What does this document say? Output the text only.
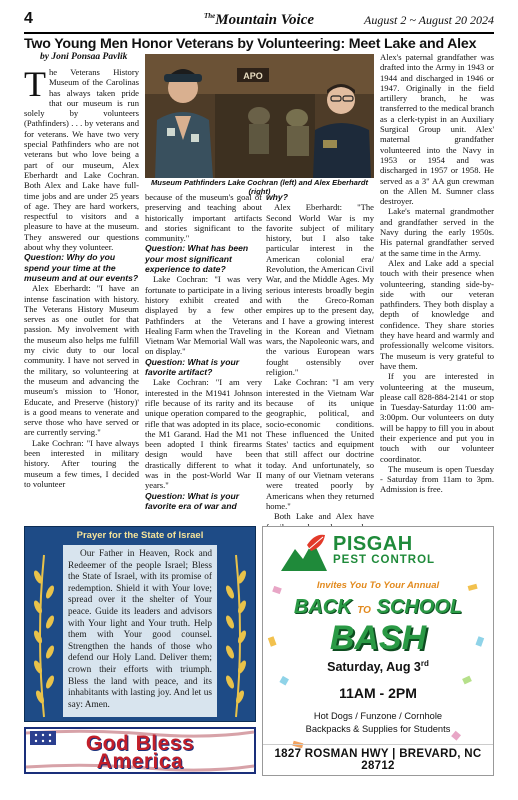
4	$^{The}$Mountain Voice	August 2 ~ August 20 2024
Two Young Men Honor Veterans by Volunteering: Meet Lake and Alex
by Joni Ponsaa Pavlik

The Veterans History Museum of the Carolinas has always taken pride that our museum is run solely by volunteers (Pathfinders) . . . by veterans and for veterans. We have two very special Pathfinders who are not veterans but who love being a part of our museum, Alex Eberhardt and Lake Cochran. Both Alex and Lake have full-time jobs and are under 25 years of age. They are hard workers, respectful to visitors and a pleasure to have at the museum. They answered our questions about why they volunteer.

Question: Why do you spend your time at the museum and at our events?

Alex Eberhardt: "I have an intense fascination with history. The Veterans History Museum serves as one outlet for that passion. My involvement with the museum also helps me fulfill my civic duty to our local community. I have not served in the military, so volunteering at the museum and advancing the museum's mission to 'Honor, Educate, and Preserve (history)' is a good means to venerate and serve those who have served or are currently serving."

Lake Cochran: "I have always been interested in military history. After touring the museum a few times, I decided to volunteer

APO
Museum Pathfinders Lake Cochran (left) and Alex Eberhardt (right)

because of the museum's goal of preserving and teaching about historically important artifacts and stories significant to the community."

Question: What has been your most significant experience to date?

Lake Cochran: "I was very fortunate to participate in a living history exhibit created and displayed by a few other Pathfinders at the Veterans Healing Farm when the Traveling Vietnam War Memorial Wall was on display."

Question: What is your favorite artifact?

Lake Cochran: "I am very interested in the M1941 Johnson rifle because of its rarity and its unique operation compared to the rifle that was adopted in its place, the M1 Garand. Had the M1 not been adopted I think firearms design would have been drastically different to what it was in the post-World War II years."

Question: What is your favorite era of war and

why?

Alex Eberhardt: "The Second World War is my favorite subject of military history, but I also take particular interest in the American colonial era/ Revolution, the American Civil War, and the Middle Ages. My serious interests broadly begin with the Greco-Roman empires up to the present day, and I have a growing interest in the Korean and Vietnam wars, the Napoleonic wars, and the various European wars fought ostensibly over religion."

Lake Cochran: "I am very interested in the Vietnam War because of its unique geographic, political, and socio-economic conditions. These influenced the United States' tactics and equipment that still affect our doctrine today. And unfortunately, so many of our Vietnam veterans were treated poorly by Americans when they returned home."

Both Lake and Alex have

Alex's paternal grandfather was drafted into the Army in 1943 or 1944 and discharged in 1946 or 1947. Originally in the field artillery branch, he was transferred to the medical branch as a clerk-typist in an Auxiliary Surgical Group unit. Alex' maternal grandfather volunteered into the Navy in 1953 or 1954 and was discharged in 1957 or 1958. He served as a 3" AA gun crewman on the Allen M. Sumner class destroyer.

Lake's maternal grandmother and grandfather served in the Navy during the early 1950s. His paternal grandfather served at the same time in the Army.

Alex and Lake add a special touch with their presence when volunteering, standing side-by-side with our veteran pathfinders. They both display a depth of knowledge and confidence. They share stories they have heard and warmly and professionally welcome visitors. The museum is very grateful to have them.

If you are interested in volunteering at the museum, please call 828-884-2141 or stop in Tuesday-Saturday 11:00 am-3:00pm. Our volunteers on duty will be happy to fill you in about their experience and put you in touch with our volunteer coordinator.

The museum is open Tuesday - Saturday from 11am to 3pm. Admission is free.

Prayer for the State of Israel
Our Father in Heaven, Rock and Redeemer of the people Israel; Bless the State of Israel, with its promise of redemption. Shield it with Your love; spread over it the shelter of Your peace. Guide its leaders and advisors with Your light and Your truth. Help them with Your good counsel. Strengthen the hands of those who defend our Holy Land. Deliver them; crown their efforts with triumph. Bless the land with peace, and its inhabitants with lasting joy. And let us say: Amen.
God Bless
America
PISGAH
PEST CONTROL
Invites You To Your Annual
BACK TO SCHOOL
BASH
Saturday, Aug 3rd
11AM - 2PM
Hot Dogs / Funzone / Cornhole
Backpacks & Supplies for Students
1827 ROSMAN HWY | BREVARD, NC 28712
